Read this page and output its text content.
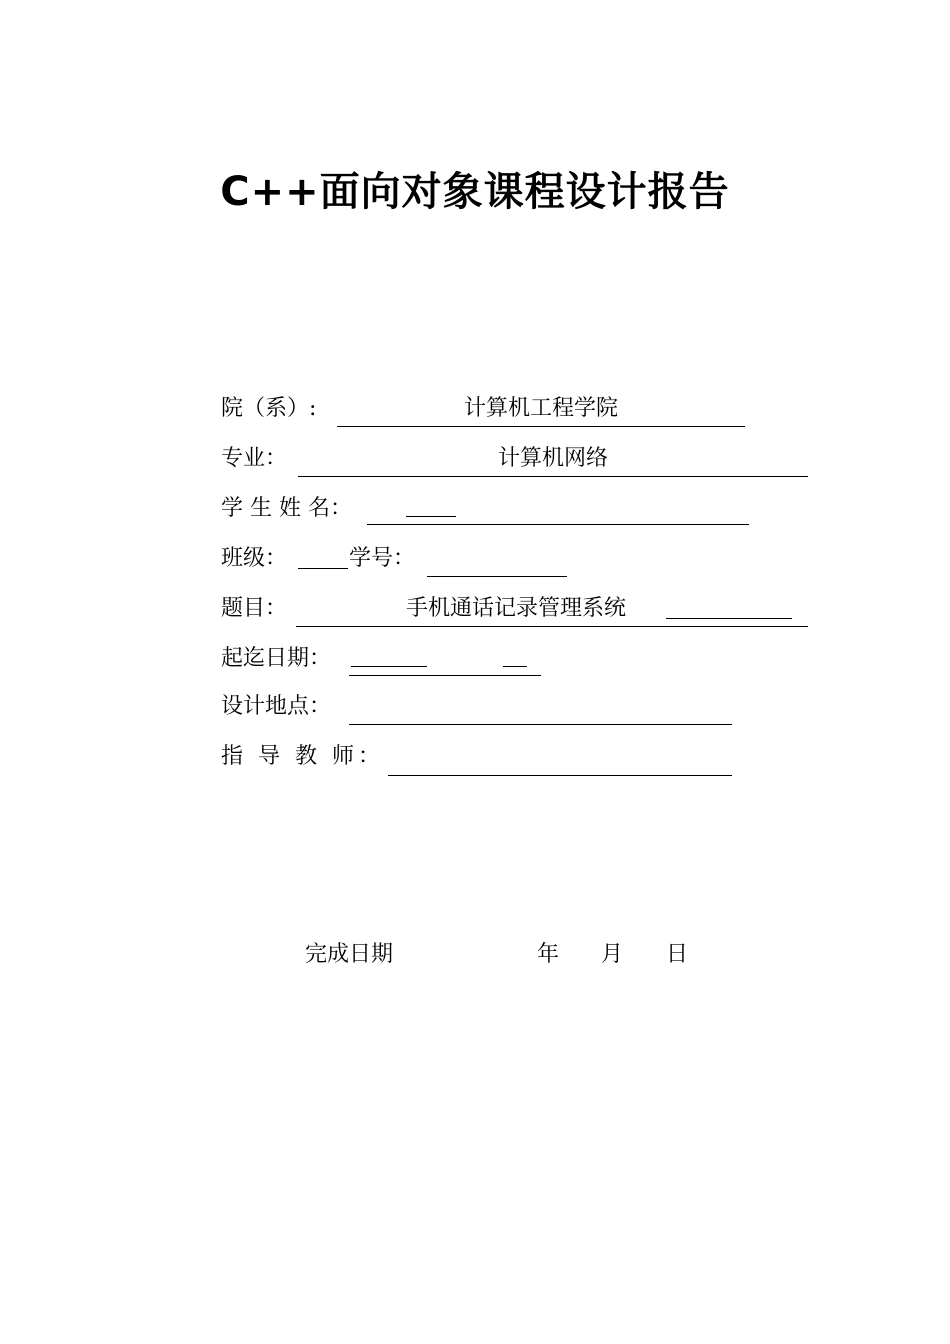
C++面向对象课程设计报告
院（系）:	计算机工程学院
专业：	计算机网络
学 生 姓 名：
班级：	学号：
题目：	手机通话记录管理系统
起迄日期：
设计地点：
指 导 教 师：
完成日期	年 月 日
